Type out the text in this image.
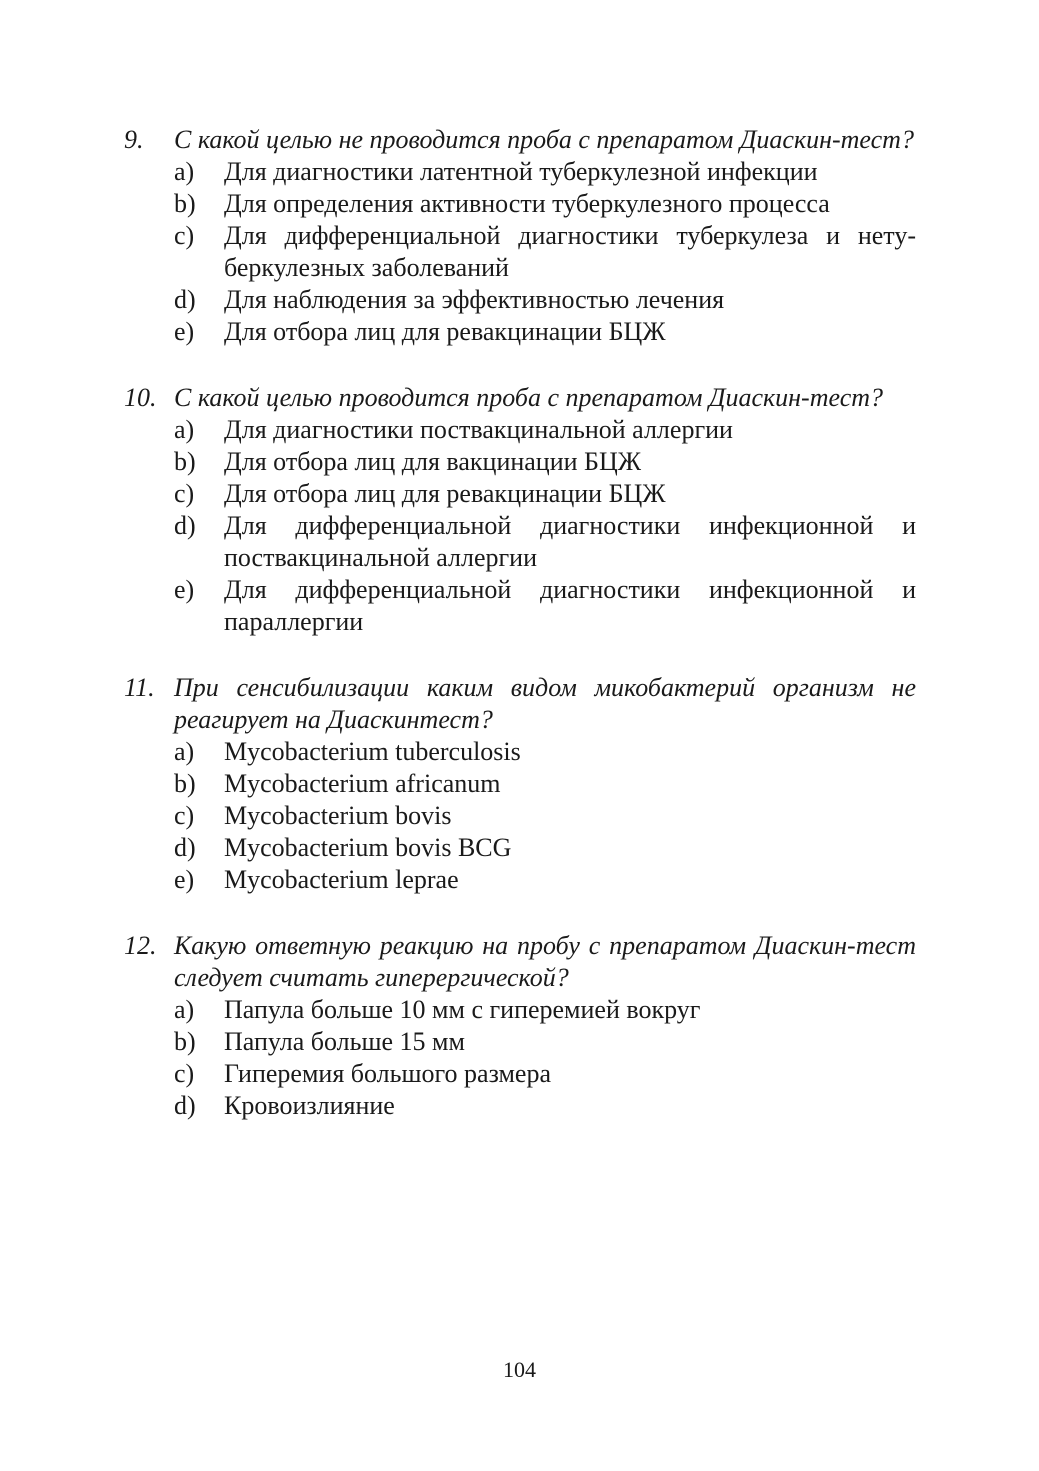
9.	С какой целью не проводится проба с препаратом Диаскин-тест?
a)	Для диагностики латентной туберкулезной инфекции
b)	Для определения активности туберкулезного процесса
c)	Для дифференциальной диагностики туберкулеза и нету-беркулезных заболеваний
d)	Для наблюдения за эффективностью лечения
e)	Для отбора лиц для ревакцинации БЦЖ
10. С какой целью проводится проба с препаратом Диаскин-тест?
a)	Для диагностики поствакцинальной аллергии
b)	Для отбора лиц для вакцинации БЦЖ
c)	Для отбора лиц для ревакцинации БЦЖ
d)	Для дифференциальной диагностики инфекционной и поствакцинальной аллергии
e)	Для дифференциальной диагностики инфекционной и параллергии
11. При сенсибилизации каким видом микобактерий организм не реагирует на Диаскинтест?
a)	Mycobacterium tuberculosis
b)	Mycobacterium africanum
c)	Mycobacterium bovis
d)	Mycobacterium bovis BCG
e)	Mycobacterium leprae
12. Какую ответную реакцию на пробу с препаратом Диаскин-тест следует считать гиперергической?
a)	Папула больше 10 мм с гиперемией вокруг
b)	Папула больше 15 мм
c)	Гиперемия большого размера
d)	Кровоизлияние
104
